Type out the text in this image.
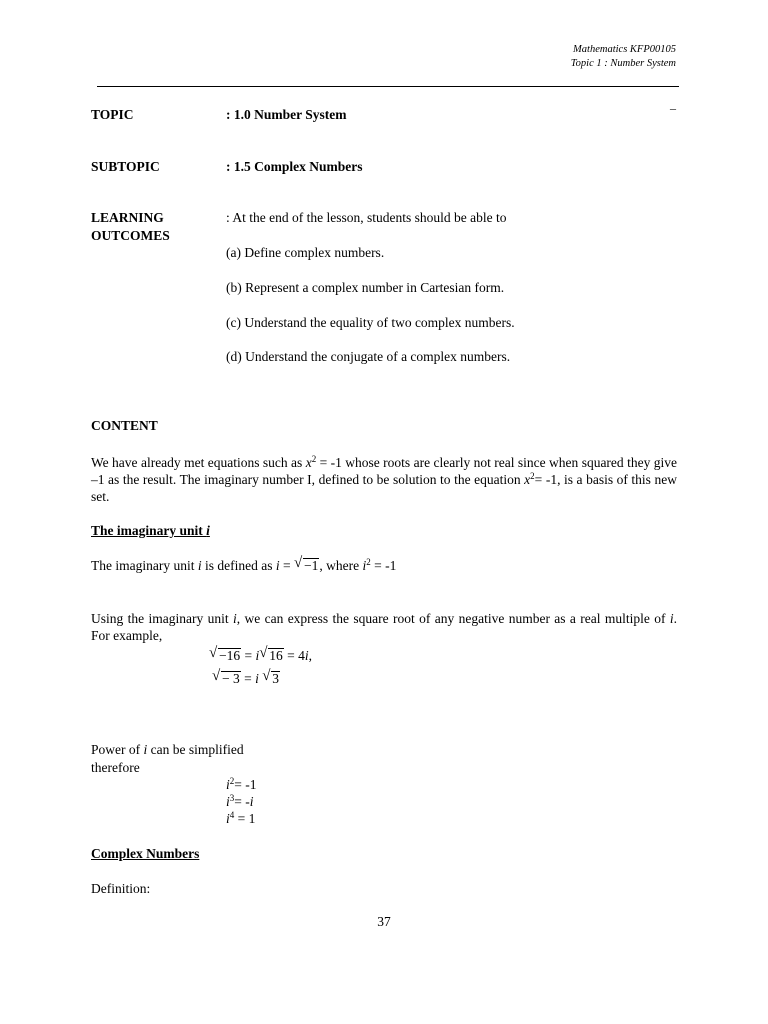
Mathematics KFP00105
Topic 1 : Number System
_
TOPIC	: 1.0 Number System
SUBTOPIC	: 1.5 Complex Numbers
LEARNING
OUTCOMES
: At the end of the lesson, students should be able to
(a) Define complex numbers.
(b) Represent a complex number in Cartesian form.
(c) Understand the equality of two complex numbers.
(d) Understand the conjugate of a complex numbers.
CONTENT
We have already met equations such as $x^2 = -1$ whose roots are clearly not real since when squared they give –1 as the result. The imaginary number I, defined to be solution to the equation $x^2= -1$, is a basis of this new set.
The imaginary unit i
The imaginary unit i is defined as i = √ −1, where $i^2 = -1$
Using the imaginary unit i, we can express the square root of any negative number as a real multiple of i. For example,
√ −16 = i √ 16 = 4i,
√ − 3 = i √ 3
Power of i can be simplified
therefore
$i^2= -1$
$i^3= -i$
$i^4 = 1$
Complex Numbers
Definition:
37
